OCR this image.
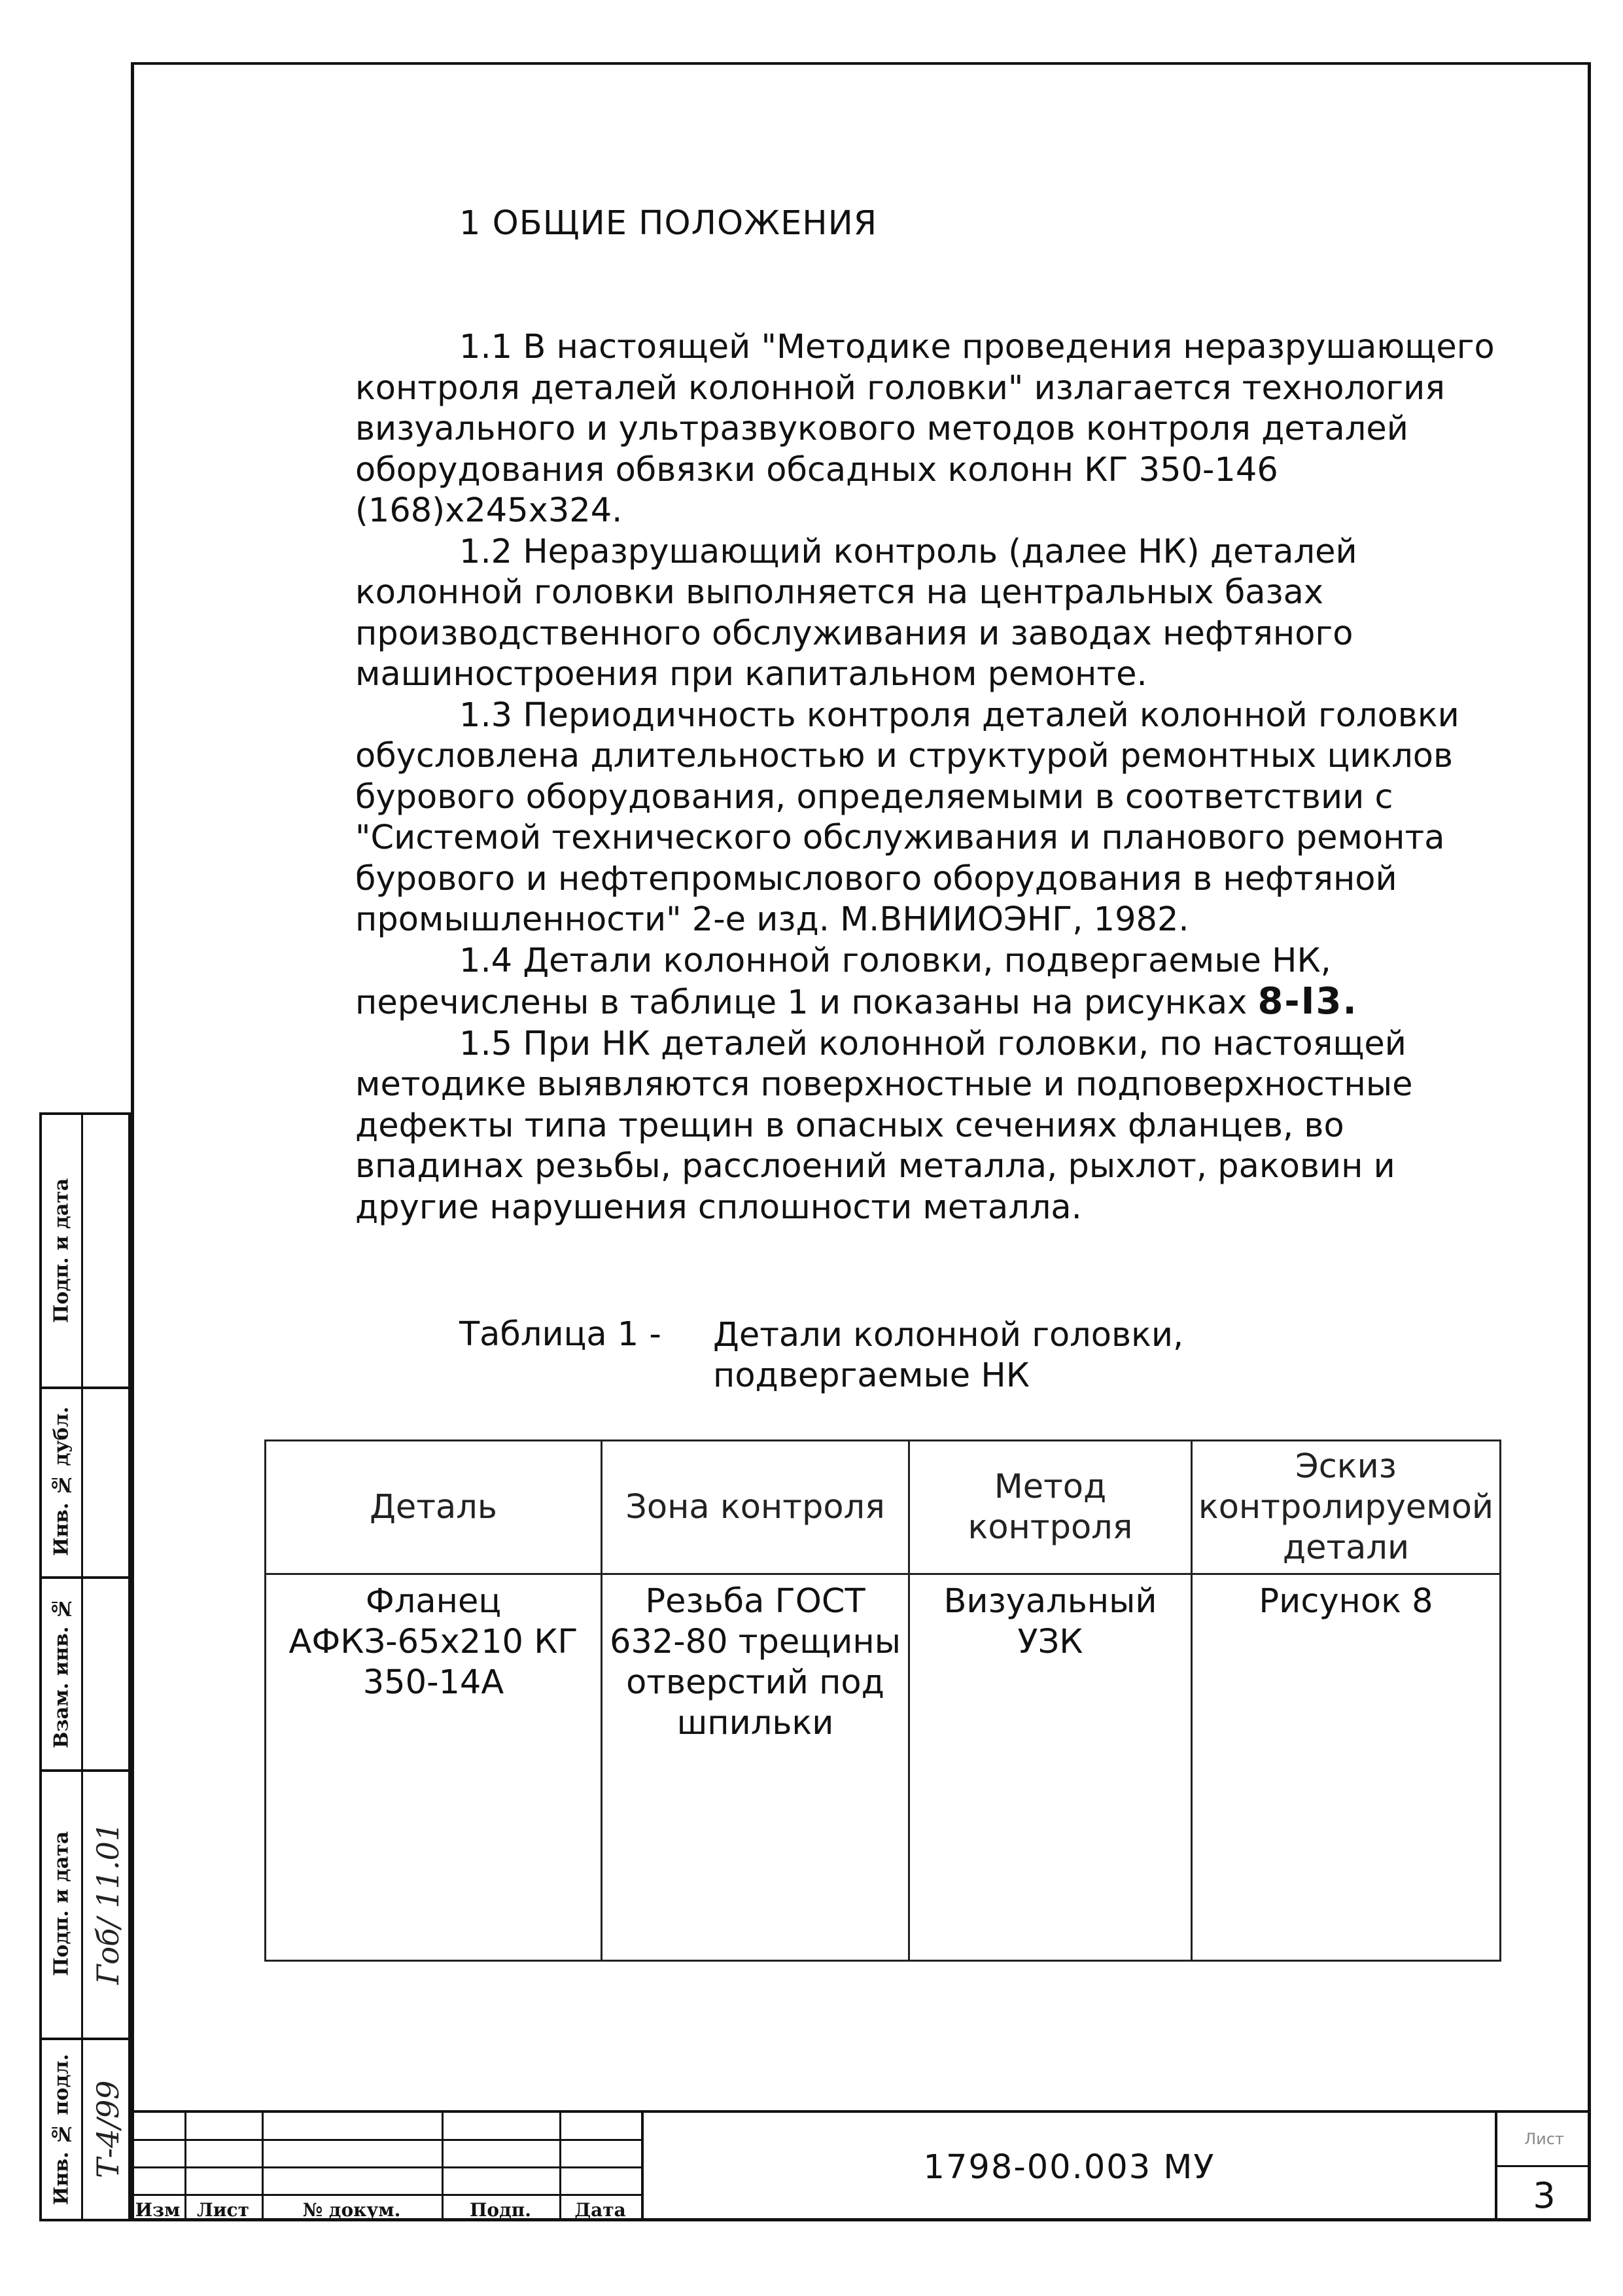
1 ОБЩИЕ ПОЛОЖЕНИЯ

1.1 В настоящей "Методике проведения неразрушающего контроля деталей колонной головки" излагается технология визуального и ультразвукового методов контроля деталей оборудования обвязки обсадных колонн КГ 350-146 (168)x245x324.

1.2 Неразрушающий контроль (далее НК) деталей колонной головки выполняется на центральных базах производственного обслуживания и заводах нефтяного машиностроения при капитальном ремонте.

1.3 Периодичность контроля деталей колонной головки обусловлена длительностью и структурой ремонтных циклов бурового оборудования, определяемыми в соответствии с "Системой технического обслуживания и планового ремонта бурового и нефтепромыслового оборудования в нефтяной промышленности" 2-е изд. М.ВНИИОЭНГ, 1982.

1.4 Детали колонной головки, подвергаемые НК, перечислены в таблице 1 и показаны на рисунках 8-I3.

1.5 При НК деталей колонной головки, по настоящей методике выявляются поверхностные и подповерхностные дефекты типа трещин в опасных сечениях фланцев, во впадинах резьбы, расслоений металла, рыхлот, раковин и другие нарушения сплошности металла.

Таблица 1 - Детали колонной головки, подвергаемые НК
Деталь	Зона контроля	Метод контроля	Эскиз контролируемой детали
Фланец АФКЗ-65х210 КГ 350-14А	Резьба ГОСТ 632-80 трещины отверстий под шпильки	Визуальный УЗК	Рисунок 8
Инв. № подл.
Подп. и дата
Взам. инв. №
Инв. № дубл.
Подп. и дата
Т-4/99
Гоб/ 11.01
Изм Лист	№ докум.	Подп.	Дата
1798-00.003 МУ
Лист
3
